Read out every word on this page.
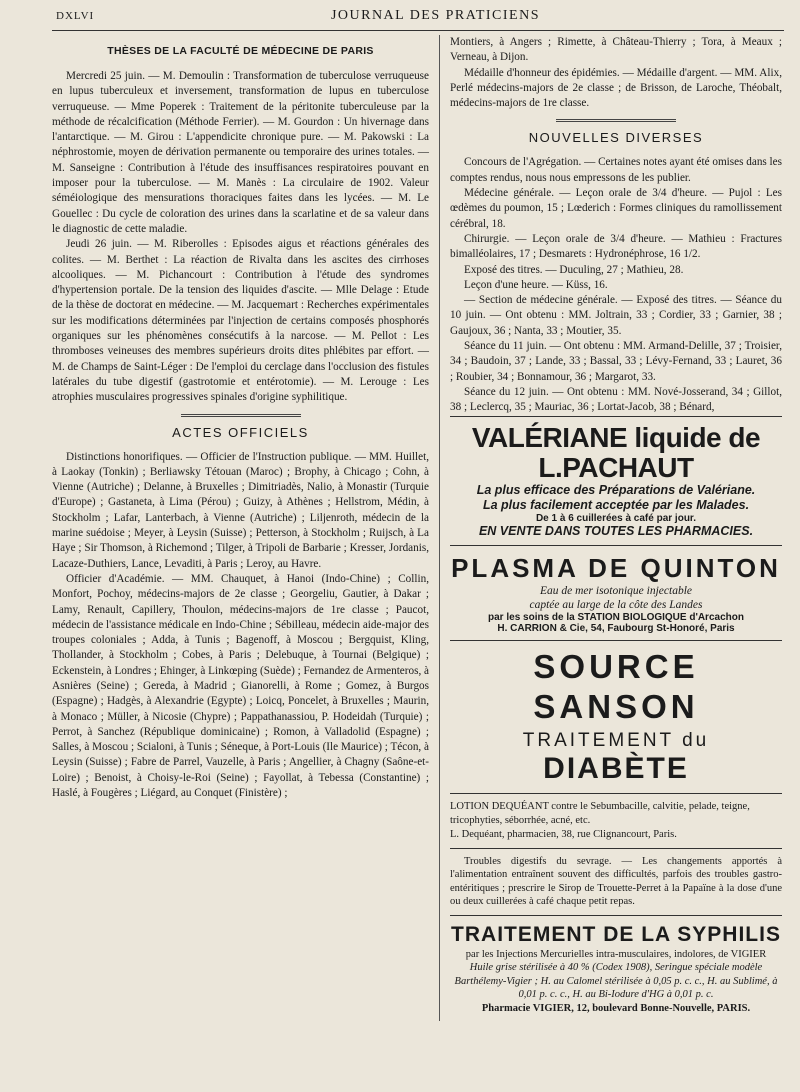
DXLVI	JOURNAL DES PRATICIENS
THÈSES DE LA FACULTÉ DE MÉDECINE DE PARIS

Mercredi 25 juin. — M. Demoulin : Transformation de tuberculose verruqueuse en lupus tuberculeux et inversement, transformation de lupus en tuberculose verruqueuse. — Mme Poperek : Traitement de la péritonite tuberculeuse par la méthode de récalcification (Méthode Ferrier). — M. Gourdon : Un hivernage dans l'antarctique. — M. Girou : L'appendicite chronique pure. — M. Pakowski : La néphrostomie, moyen de dérivation permanente ou temporaire des urines totales. — M. Sanseigne : Contribution à l'étude des insuffisances respiratoires pouvant en imposer pour la tuberculose. — M. Manès : La circulaire de 1902. Valeur séméiologique des mensurations thoraciques faites dans les lycées. — M. Le Gouellec : Du cycle de coloration des urines dans la scarlatine et de sa valeur dans le diagnostic de cette maladie.

Jeudi 26 juin. — M. Riberolles : Episodes aigus et réactions générales des colites. — M. Berthet : La réaction de Rivalta dans les ascites des cirrhoses alcooliques. — M. Pichancourt : Contribution à l'étude des syndromes d'hypertension portale. De la tension des liquides d'ascite. — Mlle Delage : Etude de la thèse de doctorat en médecine. — M. Jacquemart : Recherches expérimentales sur les modifications déterminées par l'injection de certains composés phosphorés organiques sur les phénomènes consécutifs à la narcose. — M. Pellot : Les thromboses veineuses des membres supérieurs droits dites phlébites par effort. — M. de Champs de Saint-Léger : De l'emploi du cerclage dans l'occlusion des fistules latérales du tube digestif (gastrotomie et entérotomie). — M. Lerouge : Les atrophies musculaires progressives spinales d'origine syphilitique.

ACTES OFFICIELS

Distinctions honorifiques. — Officier de l'Instruction publique. — MM. Huillet, à Laokay (Tonkin) ; Berliawsky Tétouan (Maroc) ; Brophy, à Chicago ; Cohn, à Vienne (Autriche) ; Delanne, à Bruxelles ; Dimitriadès, Nalio, à Monastir (Turquie d'Europe) ; Gastaneta, à Lima (Pérou) ; Guizy, à Athènes ; Hellstrom, Médin, à Stockholm ; Lafar, Lanterbach, à Vienne (Autriche) ; Liljenroth, médecin de la marine suédoise ; Meyer, à Leysin (Suisse) ; Petterson, à Stockholm ; Ruijsch, à La Haye ; Sir Thomson, à Richemond ; Tilger, à Tripoli de Barbarie ; Kresser, Jordanis, Lacaze-Duthiers, Lance, Levaditi, à Paris ; Leroy, au Havre.

Officier d'Académie. — MM. Chauquet, à Hanoi (Indo-Chine) ; Collin, Monfort, Pochoy, médecins-majors de 2e classe ; Georgeliu, Gautier, à Dakar ; Lamy, Renault, Capillery, Thoulon, médecins-majors de 1re classe ; Paucot, médecin de l'assistance médicale en Indo-Chine ; Sébilleau, médecin aide-major des troupes coloniales ; Adda, à Tunis ; Bagenoff, à Moscou ; Bergquist, Kling, Thollander, à Stockholm ; Cobes, à Paris ; Delebuque, à Tournai (Belgique) ; Eckenstein, à Londres ; Ehinger, à Linkœping (Suède) ; Fernandez de Armenteros, à Asnières (Seine) ; Gereda, à Madrid ; Gianorelli, à Rome ; Gomez, à Burgos (Espagne) ; Hadgès, à Alexandrie (Egypte) ; Loicq, Poncelet, à Bruxelles ; Maurin, à Monaco ; Müller, à Nicosie (Chypre) ; Pappathanassiou, P. Hodeidah (Turquie) ; Perrot, à Sanchez (République dominicaine) ; Romon, à Valladolid (Espagne) ; Salles, à Moscou ; Scialoni, à Tunis ; Séneque, à Port-Louis (Ile Maurice) ; Técon, à Leysin (Suisse) ; Fabre de Parrel, Vauzelle, à Paris ; Angellier, à Chagny (Saône-et-Loire) ; Benoist, à Choisy-le-Roi (Seine) ; Fayollat, à Tebessa (Constantine) ; Haslé, à Fougères ; Liégard, au Conquet (Finistère) ;

Montiers, à Angers ; Rimette, à Château-Thierry ; Tora, à Meaux ; Verneau, à Dijon.

Médaille d'honneur des épidémies. — Médaille d'argent. — MM. Alix, Perlé médecins-majors de 2e classe ; de Brisson, de Laroche, Théobalt, médecins-majors de 1re classe.

NOUVELLES DIVERSES

Concours de l'Agrégation. — Certaines notes ayant été omises dans les comptes rendus, nous nous empressons de les publier.

Médecine générale. — Leçon orale de 3/4 d'heure. — Pujol : Les œdèmes du poumon, 15 ; Lœderich : Formes cliniques du ramollissement cérébral, 18.

Chirurgie. — Leçon orale de 3/4 d'heure. — Mathieu : Fractures bimalléolaires, 17 ; Desmarets : Hydronéphrose, 16 1/2.

Exposé des titres. — Duculing, 27 ; Mathieu, 28.

Leçon d'une heure. — Küss, 16.

— Section de médecine générale. — Exposé des titres. — Séance du 10 juin. — Ont obtenu : MM. Joltrain, 33 ; Cordier, 33 ; Garnier, 38 ; Gaujoux, 36 ; Nanta, 33 ; Moutier, 35.

Séance du 11 juin. — Ont obtenu : MM. Armand-Delille, 37 ; Troisier, 34 ; Baudoin, 37 ; Lande, 33 ; Bassal, 33 ; Lévy-Fernand, 33 ; Lauret, 36 ; Roubier, 34 ; Bonnamour, 36 ; Margarot, 33.

Séance du 12 juin. — Ont obtenu : MM. Nové-Josserand, 34 ; Gillot, 38 ; Leclercq, 35 ; Mauriac, 36 ; Lortat-Jacob, 38 ; Bénard,

VALÉRIANE liquide de L.PACHAUT
La plus efficace des Préparations de Valériane.
La plus facilement acceptée par les Malades.
De 1 à 6 cuillerées à café par jour.
EN VENTE DANS TOUTES LES PHARMACIES.
PLASMA DE QUINTON
Eau de mer isotonique injectable
captée au large de la côte des Landes
par les soins de la STATION BIOLOGIQUE d'Arcachon
H. CARRION & Cie, 54, Faubourg St-Honoré, Paris
SOURCE SANSON
TRAITEMENT du DIABÈTE
LOTION DEQUÉANT contre le Sebumbacille, calvitie, pelade, teigne, tricophyties, séborrhée, acné, etc.
L. Dequéant, pharmacien, 38, rue Clignancourt, Paris.

Troubles digestifs du sevrage. — Les changements apportés à l'alimentation entraînent souvent des difficultés, parfois des troubles gastro-entéritiques ; prescrire le Sirop de Trouette-Perret à la Papaïne à la dose d'une ou deux cuillerées à café chaque petit repas.

TRAITEMENT DE LA SYPHILIS
par les Injections Mercurielles intra-musculaires, indolores, de VIGIER
Huile grise stérilisée à 40 % (Codex 1908), Seringue spéciale modèle Barthélemy-Vigier ; H. au Calomel stérilisée à 0,05 p. c. c., H. au Sublimé, à 0,01 p. c. c., H. au Bi-Iodure d'HG à 0,01 p. c.
Pharmacie VIGIER, 12, boulevard Bonne-Nouvelle, PARIS.
